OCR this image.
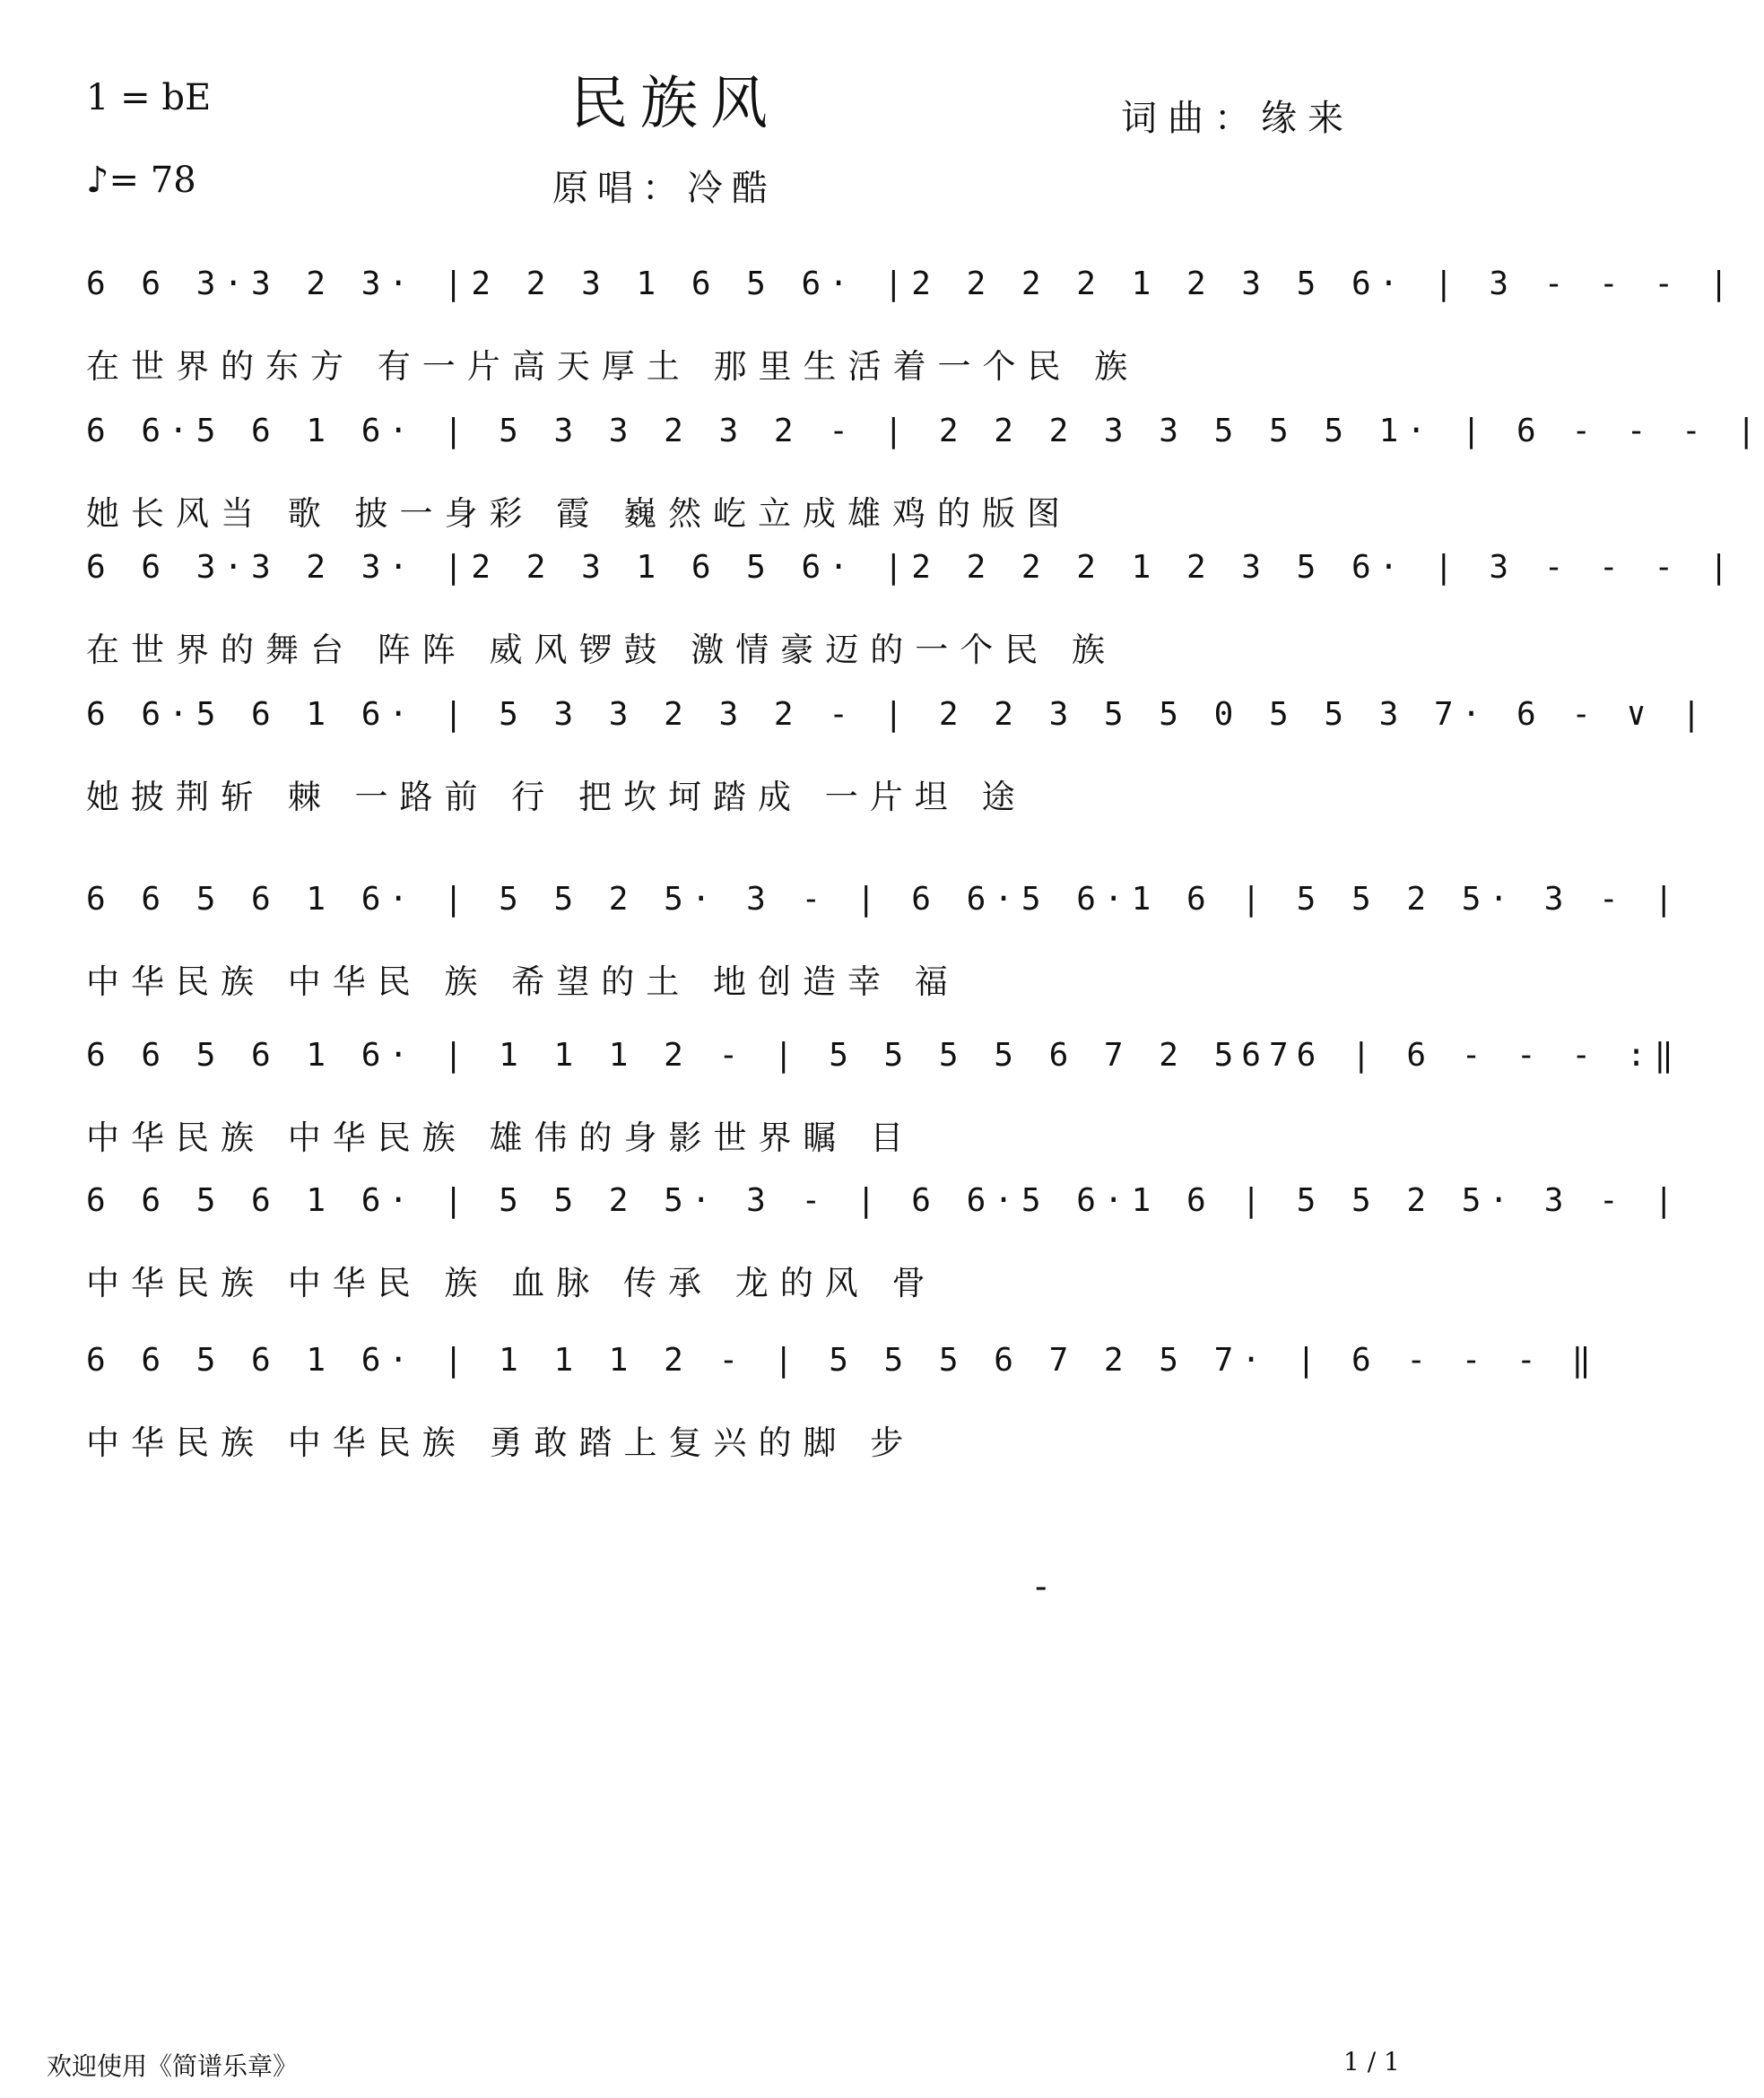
1 = bE
♪= 78
民族风
原唱：冷酷
词曲：缘来
6 6 3·3 2 3· |2 2 3 1 6 5 6· |2 2 2 2 1 2 3 5 6· | 3 - - - |
在世界的东方 有一片高天厚土 那里生活着一个民 族
6 6·5 6 1 6· | 5 3 3 2 3 2 - | 2 2 2 3 3 5 5 5 1· | 6 - - - |
她长风当 歌 披一身彩 霞 巍然屹立成雄鸡的版图
6 6 3·3 2 3· |2 2 3 1 6 5 6· |2 2 2 2 1 2 3 5 6· | 3 - - - |
在世界的舞台 阵阵 威风锣鼓 激情豪迈的一个民 族
6 6·5 6 1 6· | 5 3 3 2 3 2 - | 2 2 3 5 5 0 5 5 3 7· 6 - ∨ |
她披荆斩 棘 一路前 行 把坎坷踏成 一片坦 途
6 6 5 6 1 6· | 5 5 2 5· 3 - | 6 6·5 6·1 6 | 5 5 2 5· 3 - |
中华民族 中华民 族 希望的土 地创造幸 福
6 6 5 6 1 6· | 1 1 1 2 - | 5 5 5 5 6 7 2 5676 | 6 - - - :‖
中华民族 中华民族 雄伟的身影世界瞩 目
6 6 5 6 1 6· | 5 5 2 5· 3 - | 6 6·5 6·1 6 | 5 5 2 5· 3 - |
中华民族 中华民 族 血脉 传承 龙的风 骨
6 6 5 6 1 6· | 1 1 1 2 - | 5 5 5 6 7 2 5 7· | 6 - - - ‖
中华民族 中华民族 勇敢踏上复兴的脚 步
-
欢迎使用《简谱乐章》	1 / 1
